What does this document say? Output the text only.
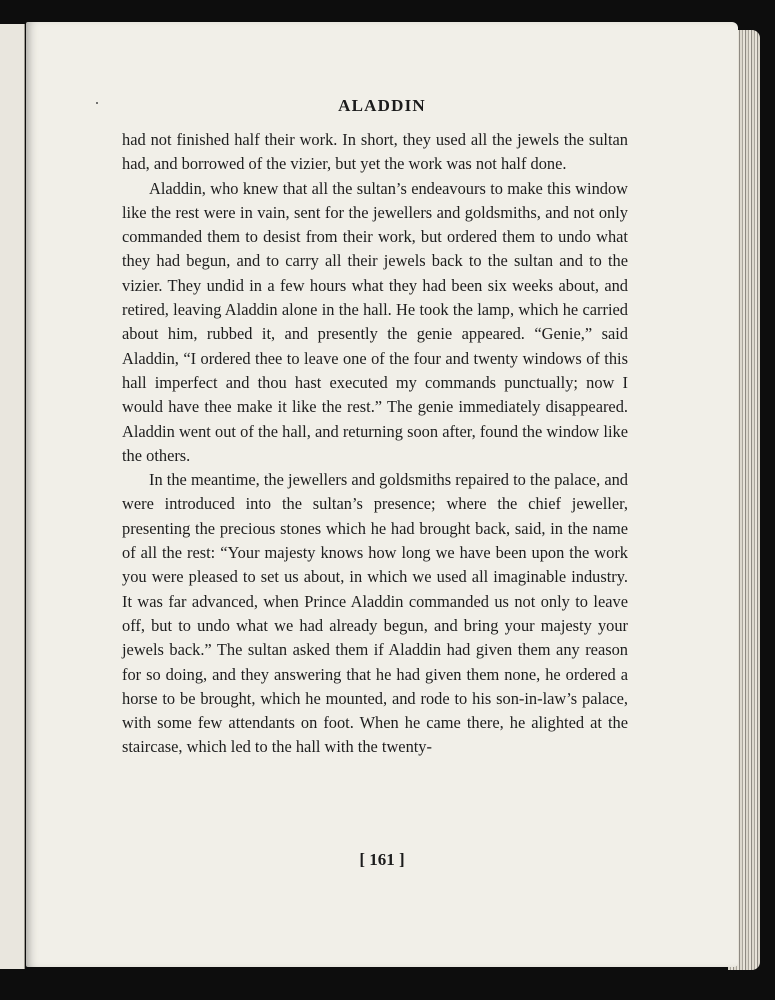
ALADDIN

had not finished half their work. In short, they used all the jewels the sultan had, and borrowed of the vizier, but yet the work was not half done.

Aladdin, who knew that all the sultan’s endeavours to make this window like the rest were in vain, sent for the jewellers and goldsmiths, and not only commanded them to desist from their work, but ordered them to undo what they had begun, and to carry all their jewels back to the sultan and to the vizier. They undid in a few hours what they had been six weeks about, and retired, leaving Aladdin alone in the hall. He took the lamp, which he carried about him, rubbed it, and presently the genie appeared. “Genie,” said Aladdin, “I ordered thee to leave one of the four and twenty windows of this hall imperfect and thou hast executed my commands punctually; now I would have thee make it like the rest.” The genie immediately disappeared. Aladdin went out of the hall, and returning soon after, found the window like the others.

In the meantime, the jewellers and goldsmiths repaired to the palace, and were introduced into the sultan’s presence; where the chief jeweller, presenting the precious stones which he had brought back, said, in the name of all the rest: “Your majesty knows how long we have been upon the work you were pleased to set us about, in which we used all imaginable industry. It was far advanced, when Prince Aladdin commanded us not only to leave off, but to undo what we had already begun, and bring your majesty your jewels back.” The sultan asked them if Aladdin had given them any reason for so doing, and they answering that he had given them none, he ordered a horse to be brought, which he mounted, and rode to his son-in-law’s palace, with some few attendants on foot. When he came there, he alighted at the staircase, which led to the hall with the twenty-

[ 161 ]
